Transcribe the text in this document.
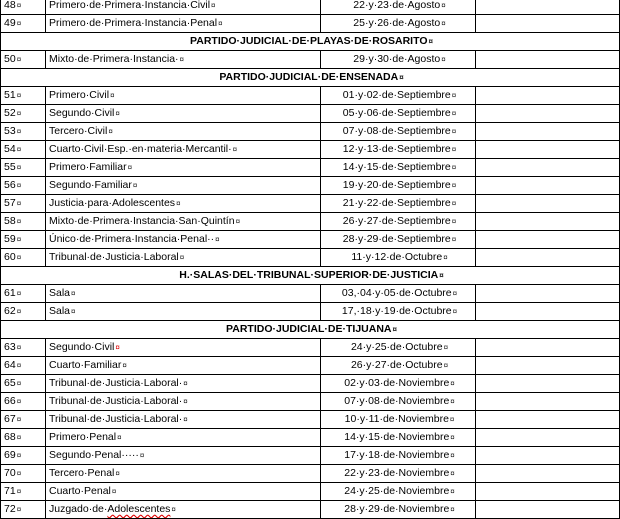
48¤	Primero·de·Primera·Instancia·Civil¤	22·y·23·de·Agosto¤	

49¤	Primero·de·Primera·Instancia·Penal¤	25·y·26·de·Agosto¤	

PARTIDO·JUDICIAL·DE·PLAYAS·DE·ROSARITO¤			
50¤	Mixto·de·Primera·Instancia·¤	29·y·30·de·Agosto¤	

PARTIDO·JUDICIAL·DE·ENSENADA¤			
51¤	Primero·Civil¤	01·y·02·de·Septiembre¤	

52¤	Segundo·Civil¤	05·y·06·de·Septiembre¤	

53¤	Tercero·Civil¤	07·y·08·de·Septiembre¤	

54¤	Cuarto·Civil·Esp.·en·materia·Mercantil·¤	12·y·13·de·Septiembre¤	

55¤	Primero·Familiar¤	14·y·15·de·Septiembre¤	

56¤	Segundo·Familiar¤	19·y·20·de·Septiembre¤	

57¤	Justicia·para·Adolescentes¤	21·y·22·de·Septiembre¤	

58¤	Mixto·de·Primera·Instancia·San·Quintín¤	26·y·27·de·Septiembre¤	

59¤	Único·de·Primera·Instancia·Penal··¤	28·y·29·de·Septiembre¤	

60¤	Tribunal·de·Justicia·Laboral¤	11·y·12·de·Octubre¤	

H.·SALAS·DEL·TRIBUNAL·SUPERIOR·DE·JUSTICIA¤			
61¤	Sala¤	03,·04·y·05·de·Octubre¤	

62¤	Sala¤	17,·18·y·19·de·Octubre¤	

PARTIDO·JUDICIAL·DE·TIJUANA¤			
63¤	Segundo·Civil¤	24·y·25·de·Octubre¤	

64¤	Cuarto·Familiar¤	26·y·27·de·Octubre¤	

65¤	Tribunal·de·Justicia·Laboral·¤	02·y·03·de·Noviembre¤	

66¤	Tribunal·de·Justicia·Laboral·¤	07·y·08·de·Noviembre¤	

67¤	Tribunal·de·Justicia·Laboral·¤	10·y·11·de·Noviembre¤	

68¤	Primero·Penal¤	14·y·15·de·Noviembre¤	

69¤	Segundo·Penal·····¤	17·y·18·de·Noviembre¤	

70¤	Tercero·Penal¤	22·y·23·de·Noviembre¤	

71¤	Cuarto·Penal¤	24·y·25·de·Noviembre¤	

72¤	Juzgado·de·Adolescentes¤	28·y·29·de·Noviembre¤	
